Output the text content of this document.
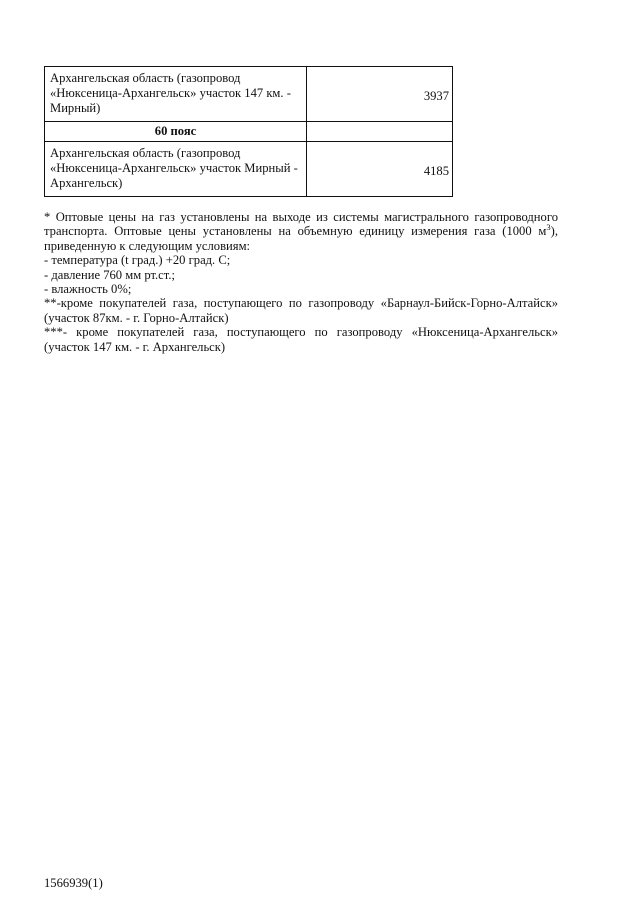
Архангельская область (газопровод «Нюксеница-Архангельск» участок 147 км. - Мирный)	3937
60 пояс	
Архангельская область (газопровод «Нюксеница-Архангельск» участок Мирный - Архангельск)	4185

* Оптовые цены на газ установлены на выходе из системы магистрального газопроводного транспорта. Оптовые цены установлены на объемную единицу измерения газа (1000 $м^3$), приведенную к следующим условиям:

- температура (t град.) +20 град. С;

- давление 760 мм рт.ст.;

- влажность 0%;

**-кроме покупателей газа, поступающего по газопроводу «Барнаул-Бийск-Горно-Алтайск» (участок 87км. - г. Горно-Алтайск)

***- кроме покупателей газа, поступающего по газопроводу «Нюксеница-Архангельск» (участок 147 км. - г. Архангельск)

1566939(1)
